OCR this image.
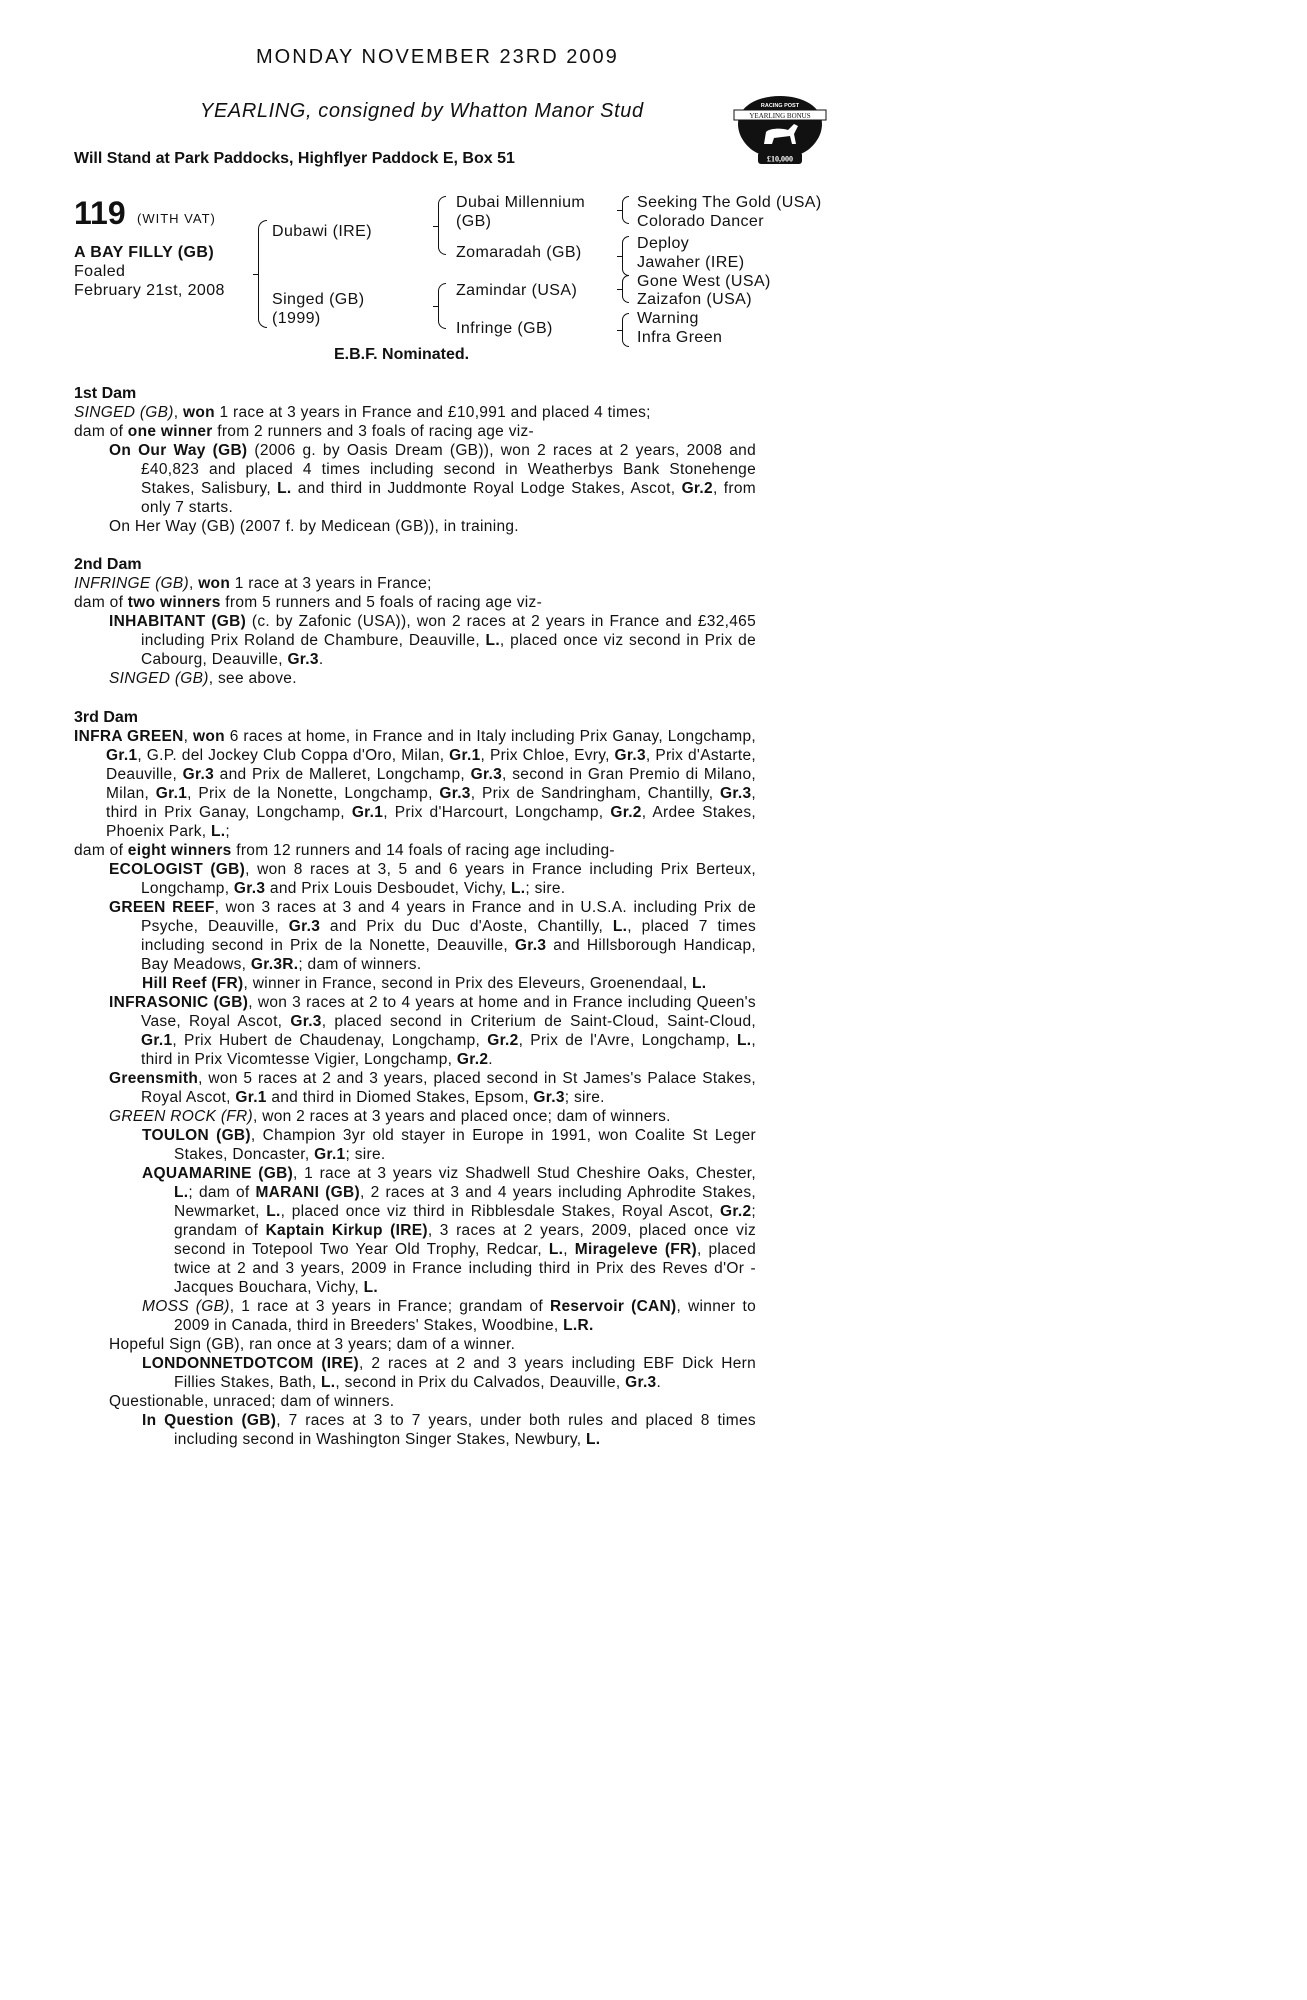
MONDAY NOVEMBER 23RD 2009
YEARLING, consigned by Whatton Manor Stud
Will Stand at Park Paddocks, Highflyer Paddock E, Box 51
RACING POST
YEARLING BONUS
£10,000
119 (WITH VAT)
A BAY FILLY (GB)
Foaled
February 21st, 2008
Dubawi (IRE)
Singed (GB)
(1999)
Dubai Millennium
(GB)
Zomaradah (GB)
Zamindar (USA)
Infringe (GB)
Seeking The Gold (USA)
Colorado Dancer
Deploy
Jawaher (IRE)
Gone West (USA)
Zaizafon (USA)
Warning
Infra Green
E.B.F. Nominated.
1st Dam

SINGED (GB), won 1 race at 3 years in France and £10,991 and placed 4 times;

dam of one winner from 2 runners and 3 foals of racing age viz-

On Our Way (GB) (2006 g. by Oasis Dream (GB)), won 2 races at 2 years, 2008 and £40,823 and placed 4 times including second in Weatherbys Bank Stonehenge Stakes, Salisbury, L. and third in Juddmonte Royal Lodge Stakes, Ascot, Gr.2, from only 7 starts.

On Her Way (GB) (2007 f. by Medicean (GB)), in training.

2nd Dam

INFRINGE (GB), won 1 race at 3 years in France;

dam of two winners from 5 runners and 5 foals of racing age viz-

INHABITANT (GB) (c. by Zafonic (USA)), won 2 races at 2 years in France and £32,465 including Prix Roland de Chambure, Deauville, L., placed once viz second in Prix de Cabourg, Deauville, Gr.3.

SINGED (GB), see above.

3rd Dam

INFRA GREEN, won 6 races at home, in France and in Italy including Prix Ganay, Longchamp, Gr.1, G.P. del Jockey Club Coppa d'Oro, Milan, Gr.1, Prix Chloe, Evry, Gr.3, Prix d'Astarte, Deauville, Gr.3 and Prix de Malleret, Longchamp, Gr.3, second in Gran Premio di Milano, Milan, Gr.1, Prix de la Nonette, Longchamp, Gr.3, Prix de Sandringham, Chantilly, Gr.3, third in Prix Ganay, Longchamp, Gr.1, Prix d'Harcourt, Longchamp, Gr.2, Ardee Stakes, Phoenix Park, L.;

dam of eight winners from 12 runners and 14 foals of racing age including-

ECOLOGIST (GB), won 8 races at 3, 5 and 6 years in France including Prix Berteux, Longchamp, Gr.3 and Prix Louis Desboudet, Vichy, L.; sire.

GREEN REEF, won 3 races at 3 and 4 years in France and in U.S.A. including Prix de Psyche, Deauville, Gr.3 and Prix du Duc d'Aoste, Chantilly, L., placed 7 times including second in Prix de la Nonette, Deauville, Gr.3 and Hillsborough Handicap, Bay Meadows, Gr.3R.; dam of winners.

Hill Reef (FR), winner in France, second in Prix des Eleveurs, Groenendaal, L.

INFRASONIC (GB), won 3 races at 2 to 4 years at home and in France including Queen's Vase, Royal Ascot, Gr.3, placed second in Criterium de Saint-Cloud, Saint-Cloud, Gr.1, Prix Hubert de Chaudenay, Longchamp, Gr.2, Prix de l'Avre, Longchamp, L., third in Prix Vicomtesse Vigier, Longchamp, Gr.2.

Greensmith, won 5 races at 2 and 3 years, placed second in St James's Palace Stakes, Royal Ascot, Gr.1 and third in Diomed Stakes, Epsom, Gr.3; sire.

GREEN ROCK (FR), won 2 races at 3 years and placed once; dam of winners.

TOULON (GB), Champion 3yr old stayer in Europe in 1991, won Coalite St Leger Stakes, Doncaster, Gr.1; sire.

AQUAMARINE (GB), 1 race at 3 years viz Shadwell Stud Cheshire Oaks, Chester, L.; dam of MARANI (GB), 2 races at 3 and 4 years including Aphrodite Stakes, Newmarket, L., placed once viz third in Ribblesdale Stakes, Royal Ascot, Gr.2; grandam of Kaptain Kirkup (IRE), 3 races at 2 years, 2009, placed once viz second in Totepool Two Year Old Trophy, Redcar, L., Mirageleve (FR), placed twice at 2 and 3 years, 2009 in France including third in Prix des Reves d'Or - Jacques Bouchara, Vichy, L.

MOSS (GB), 1 race at 3 years in France; grandam of Reservoir (CAN), winner to 2009 in Canada, third in Breeders' Stakes, Woodbine, L.R.

Hopeful Sign (GB), ran once at 3 years; dam of a winner.

LONDONNETDOTCOM (IRE), 2 races at 2 and 3 years including EBF Dick Hern Fillies Stakes, Bath, L., second in Prix du Calvados, Deauville, Gr.3.

Questionable, unraced; dam of winners.

In Question (GB), 7 races at 3 to 7 years, under both rules and placed 8 times including second in Washington Singer Stakes, Newbury, L.
